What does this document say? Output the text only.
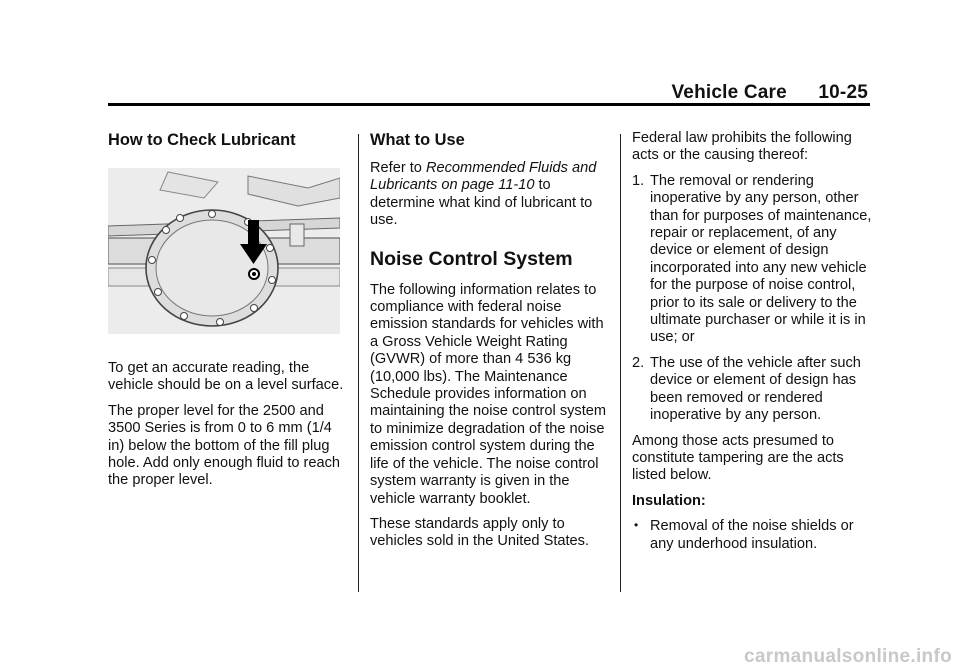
Vehicle Care 10-25
How to Check Lubricant

To get an accurate reading, the vehicle should be on a level surface.

The proper level for the 2500 and 3500 Series is from 0 to 6 mm (1/4 in) below the bottom of the fill plug hole. Add only enough fluid to reach the proper level.

What to Use

Refer to Recommended Fluids and Lubricants on page 11-10 to determine what kind of lubricant to use.

Noise Control System

The following information relates to compliance with federal noise emission standards for vehicles with a Gross Vehicle Weight Rating (GVWR) of more than 4 536 kg (10,000 lbs). The Maintenance Schedule provides information on maintaining the noise control system to minimize degradation of the noise emission control system during the life of the vehicle. The noise control system warranty is given in the vehicle warranty booklet.

These standards apply only to vehicles sold in the United States.

Federal law prohibits the following acts or the causing thereof:

1. The removal or rendering inoperative by any person, other than for purposes of maintenance, repair or replacement, of any device or element of design incorporated into any new vehicle for the purpose of noise control, prior to its sale or delivery to the ultimate purchaser or while it is in use; or
2. The use of the vehicle after such device or element of design has been removed or rendered inoperative by any person.

Among those acts presumed to constitute tampering are the acts listed below.

Insulation:
• Removal of the noise shields or any underhood insulation.
carmanualsonline.info
